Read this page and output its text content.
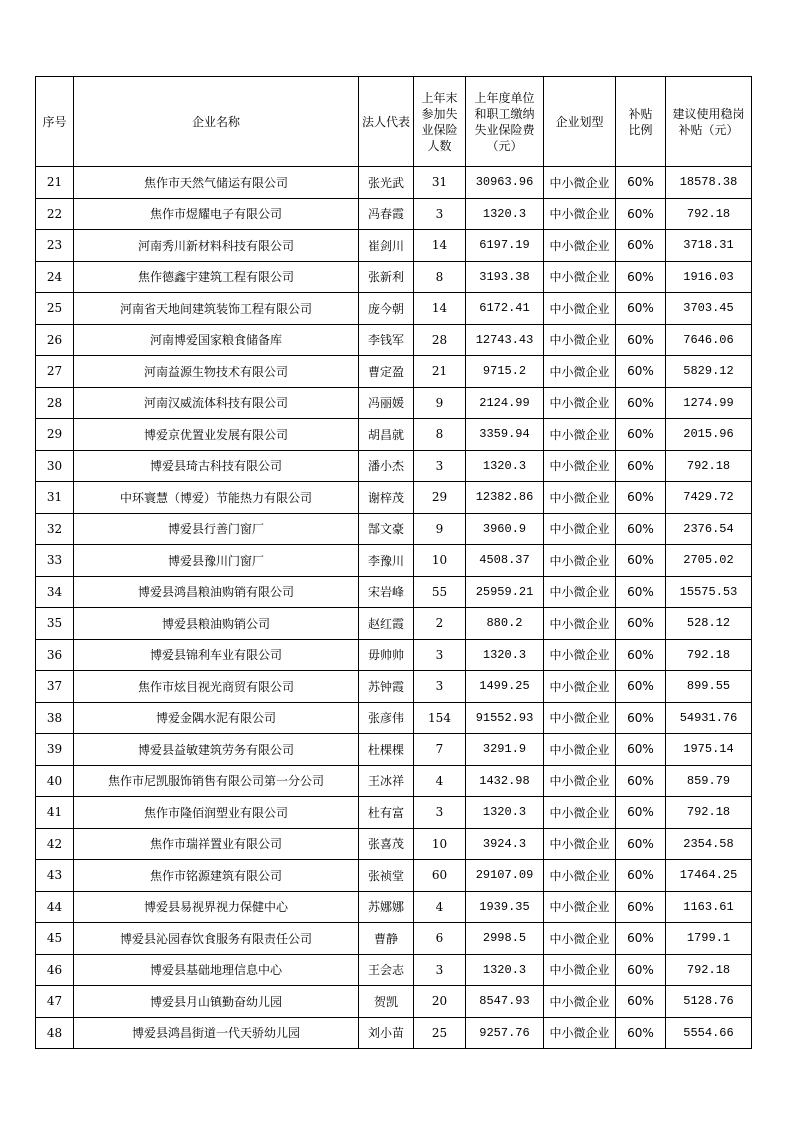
序号	企业名称	法人代表	上年末参加失业保险人数	上年度单位和职工缴纳失业保险费（元）	企业划型	补贴比例	建议使用稳岗补贴（元）
21	焦作市天然气储运有限公司	张光武	31	30963.96	中小微企业	60%	18578.38
22	焦作市煜耀电子有限公司	冯春霞	3	1320.3	中小微企业	60%	792.18
23	河南秀川新材料科技有限公司	崔剑川	14	6197.19	中小微企业	60%	3718.31
24	焦作德鑫宇建筑工程有限公司	张新利	8	3193.38	中小微企业	60%	1916.03
25	河南省天地间建筑装饰工程有限公司	庞今朝	14	6172.41	中小微企业	60%	3703.45
26	河南博爱国家粮食储备库	李钱军	28	12743.43	中小微企业	60%	7646.06
27	河南益源生物技术有限公司	曹定盈	21	9715.2	中小微企业	60%	5829.12
28	河南汉威流体科技有限公司	冯丽媛	9	2124.99	中小微企业	60%	1274.99
29	博爱京优置业发展有限公司	胡昌就	8	3359.94	中小微企业	60%	2015.96
30	博爱县琦古科技有限公司	潘小杰	3	1320.3	中小微企业	60%	792.18
31	中环寰慧（博爱）节能热力有限公司	谢梓茂	29	12382.86	中小微企业	60%	7429.72
32	博爱县行善门窗厂	郜文豪	9	3960.9	中小微企业	60%	2376.54
33	博爱县豫川门窗厂	李豫川	10	4508.37	中小微企业	60%	2705.02
34	博爱县鸿昌粮油购销有限公司	宋岩峰	55	25959.21	中小微企业	60%	15575.53
35	博爱县粮油购销公司	赵红霞	2	880.2	中小微企业	60%	528.12
36	博爱县锦利车业有限公司	毋帅帅	3	1320.3	中小微企业	60%	792.18
37	焦作市炫目视光商贸有限公司	苏钟霞	3	1499.25	中小微企业	60%	899.55
38	博爱金隅水泥有限公司	张彦伟	154	91552.93	中小微企业	60%	54931.76
39	博爱县益敏建筑劳务有限公司	杜棵棵	7	3291.9	中小微企业	60%	1975.14
40	焦作市尼凯服饰销售有限公司第一分公司	王冰祥	4	1432.98	中小微企业	60%	859.79
41	焦作市隆佰润塑业有限公司	杜有富	3	1320.3	中小微企业	60%	792.18
42	焦作市瑞祥置业有限公司	张喜茂	10	3924.3	中小微企业	60%	2354.58
43	焦作市铭源建筑有限公司	张祯堂	60	29107.09	中小微企业	60%	17464.25
44	博爱县易视界视力保健中心	苏娜娜	4	1939.35	中小微企业	60%	1163.61
45	博爱县沁园春饮食服务有限责任公司	曹静	6	2998.5	中小微企业	60%	1799.1
46	博爱县基础地理信息中心	王会志	3	1320.3	中小微企业	60%	792.18
47	博爱县月山镇勤奋幼儿园	贺凯	20	8547.93	中小微企业	60%	5128.76
48	博爱县鸿昌街道一代天骄幼儿园	刘小苗	25	9257.76	中小微企业	60%	5554.66
